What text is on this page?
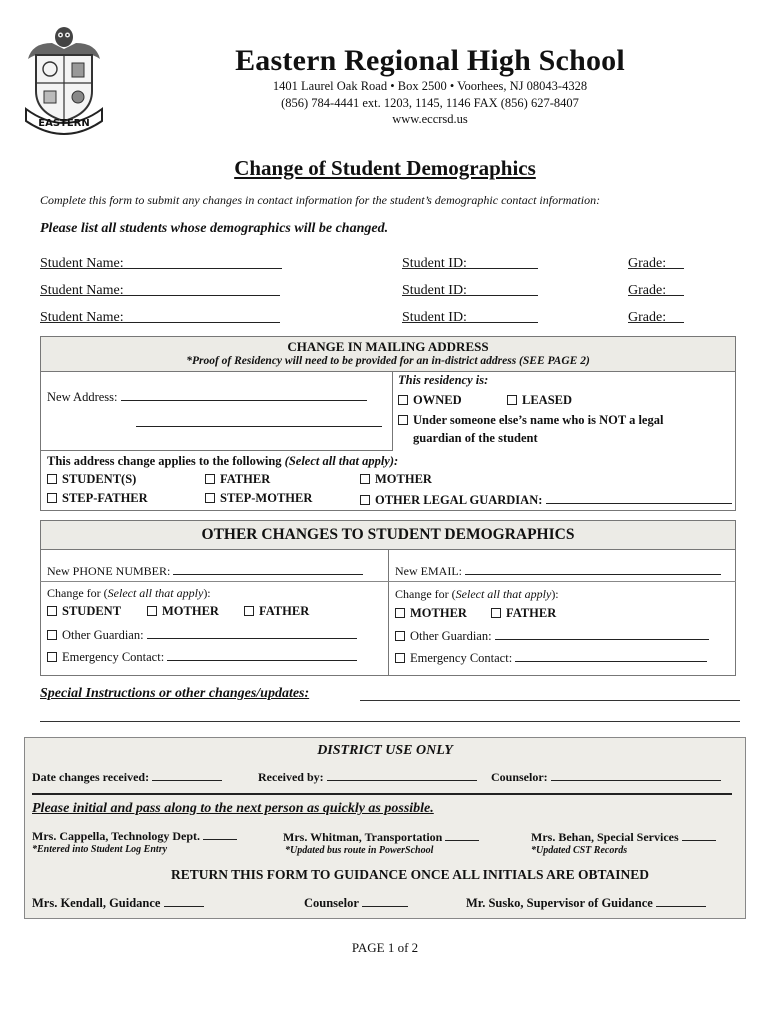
EASTERN
Eastern Regional High School
1401 Laurel Oak Road • Box 2500 • Voorhees, NJ 08043-4328
(856) 784-4441 ext. 1203, 1145, 1146 FAX (856) 627-8407
www.eccrsd.us
Change of Student Demographics
Complete this form to submit any changes in contact information for the student’s demographic contact information:
Please list all students whose demographics will be changed.
Student Name:	Student ID:	Grade:
Student Name:	Student ID:	Grade:
Student Name:	Student ID:	Grade:
CHANGE IN MAILING ADDRESS
*Proof of Residency will need to be provided for an in-district address (SEE PAGE 2)
New Address:
This residency is:
OWNED	LEASED
Under someone else’s name who is NOT a legal
guardian of the student
This address change applies to the following (Select all that apply):
STUDENT(S)	FATHER	MOTHER
STEP-FATHER	STEP-MOTHER	OTHER LEGAL GUARDIAN:
OTHER CHANGES TO STUDENT DEMOGRAPHICS
New PHONE NUMBER:	New EMAIL:
Change for (Select all that apply):
STUDENT	MOTHER	FATHER
Other Guardian:
Emergency Contact:
Change for (Select all that apply):
MOTHER	FATHER
Other Guardian:
Emergency Contact:
Special Instructions or other changes/updates:
DISTRICT USE ONLY
Date changes received:	Received by:	Counselor:
Please initial and pass along to the next person as quickly as possible.
Mrs. Cappella, Technology Dept.
*Entered into Student Log Entry
Mrs. Whitman, Transportation
*Updated bus route in PowerSchool
Mrs. Behan, Special Services
*Updated CST Records
RETURN THIS FORM TO GUIDANCE ONCE ALL INITIALS ARE OBTAINED
Mrs. Kendall, Guidance	Counselor	Mr. Susko, Supervisor of Guidance
PAGE 1 of 2
